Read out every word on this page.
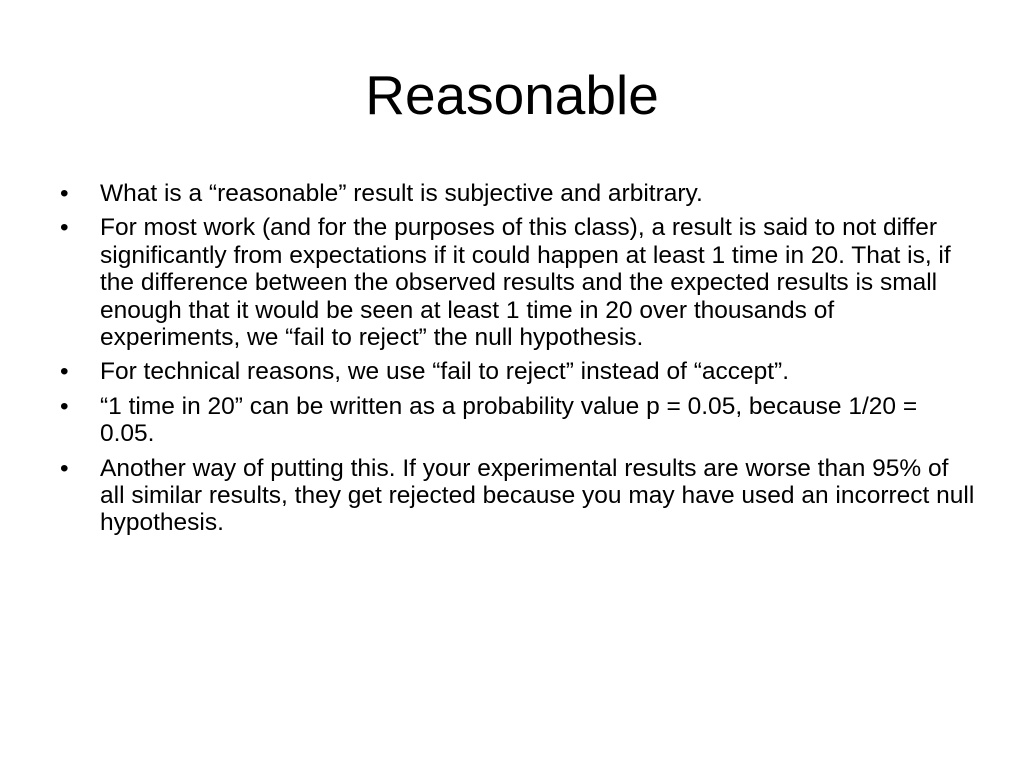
Reasonable
• What is a “reasonable” result is subjective and arbitrary.
• For most work (and for the purposes of this class), a result is said to not differ significantly from expectations if it could happen at least 1 time in 20. That is, if the difference between the observed results and the expected results is small enough that it would be seen at least 1 time in 20 over thousands of experiments, we “fail to reject” the null hypothesis.
• For technical reasons, we use “fail to reject” instead of “accept”.
• “1 time in 20” can be written as a probability value p = 0.05, because 1/20 = 0.05.
• Another way of putting this. If your experimental results are worse than 95% of all similar results, they get rejected because you may have used an incorrect null hypothesis.
